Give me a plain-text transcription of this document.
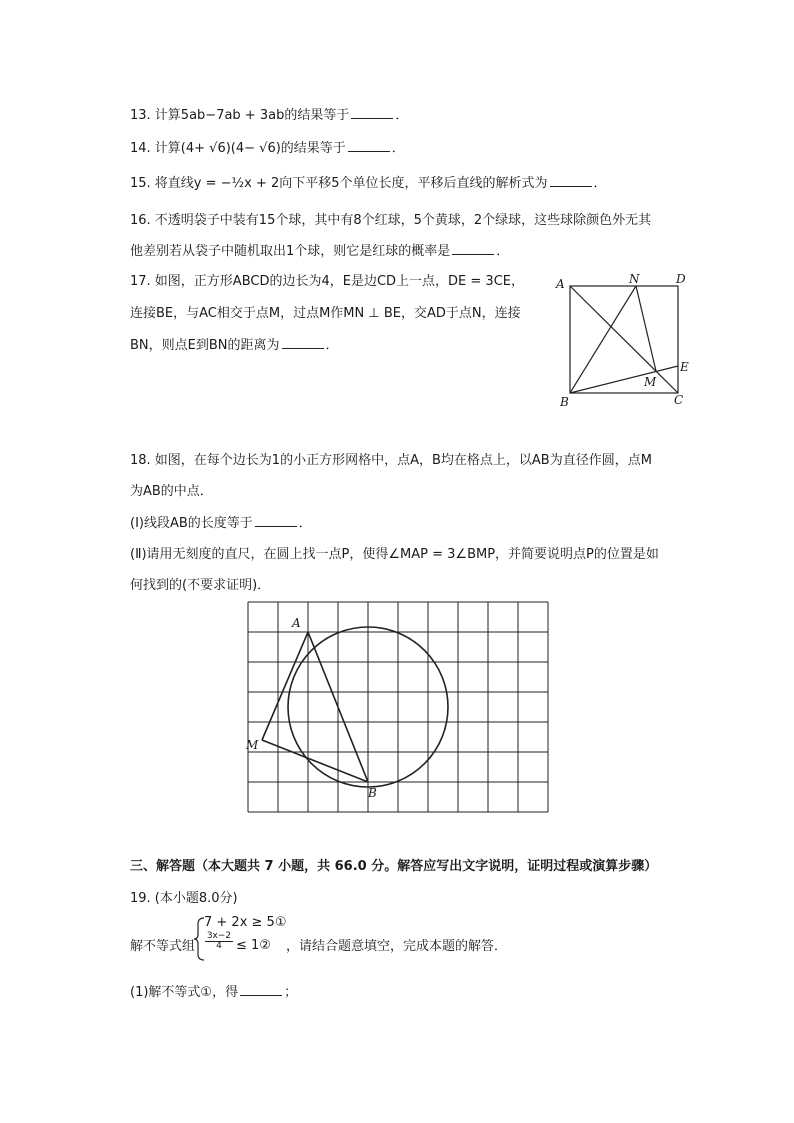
13. 计算5ab−7ab + 3ab的结果等于	．
14. 计算(4+ √6)(4− √6)的结果等于	．
15. 将直线y = −½x + 2向下平移5个单位长度，平移后直线的解析式为	．
16. 不透明袋子中装有15个球，其中有8个红球，5个黄球，2个绿球，这些球除颜色外无其
他差别若从袋子中随机取出1个球，则它是红球的概率是	．
17. 如图，正方形ABCD的边长为4，E是边CD上一点，DE = 3CE，
连接BE，与AC相交于点M，过点M作MN ⊥ BE，交AD于点N，连接
BN，则点E到BN的距离为	．
A	N	D
E
M
B	C
18. 如图，在每个边长为1的小正方形网格中，点A，B均在格点上，以AB为直径作圆，点M
为AB的中点．
(Ⅰ)线段AB的长度等于	．
(Ⅱ)请用无刻度的直尺，在圆上找一点P，使得∠MAP = 3∠BMP，并简要说明点P的位置是如
何找到的(不要求证明)．
A
M
B
三、解答题（本大题共 7 小题，共 66.0 分。解答应写出文字说明，证明过程或演算步骤）
19. (本小题8.0分)
解不等式组
7 + 2x ≥ 5①
3x−2
4	≤ 1② ，请结合题意填空，完成本题的解答．
(1)解不等式①，得	；
